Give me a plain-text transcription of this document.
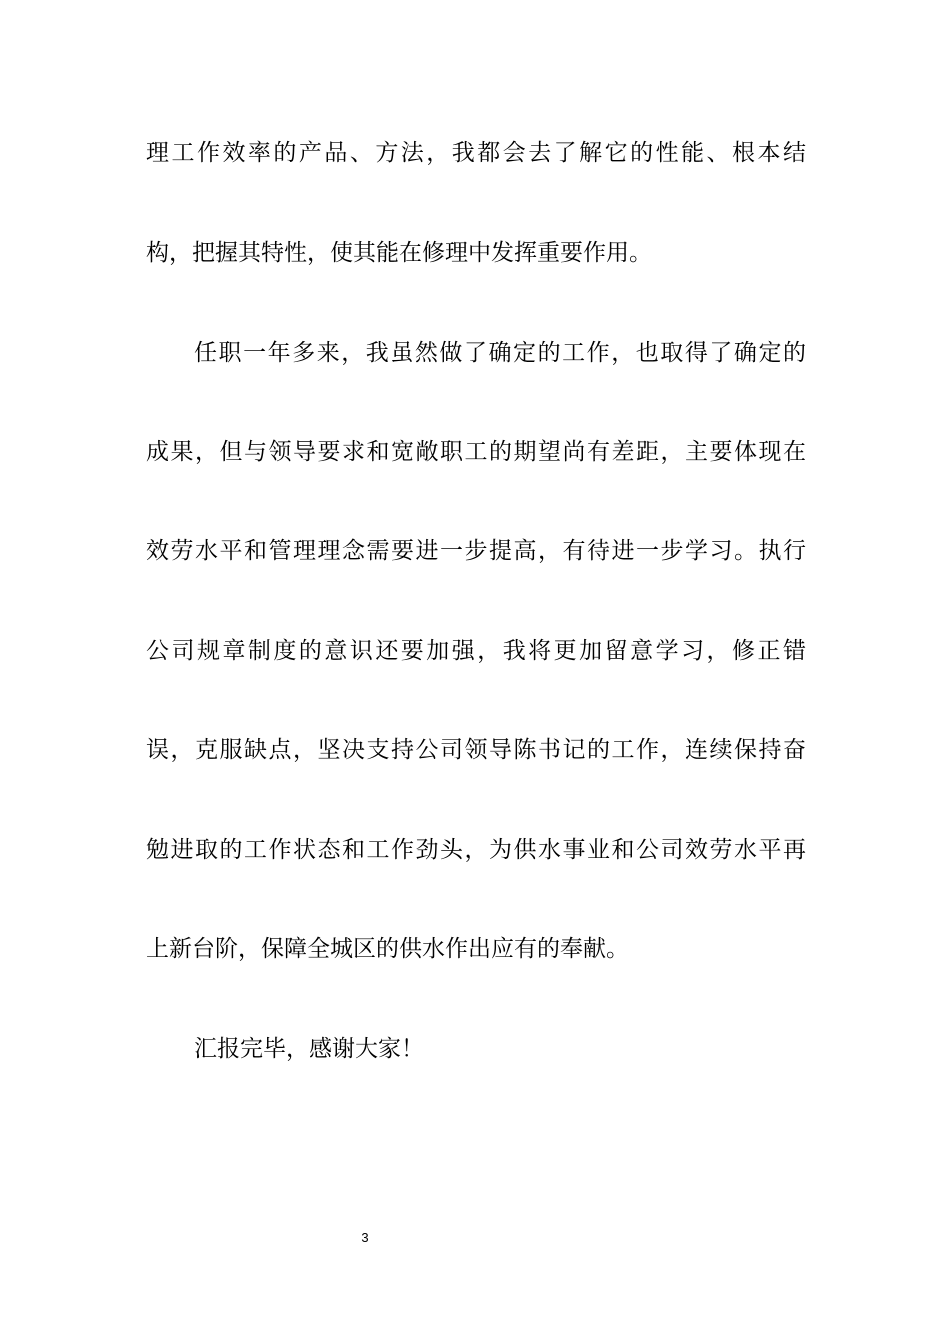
理工作效率的产品、方法，我都会去了解它的性能、根本结
构，把握其特性，使其能在修理中发挥重要作用。
任职一年多来，我虽然做了确定的工作，也取得了确定的
成果，但与领导要求和宽敞职工的期望尚有差距，主要体现在
效劳水平和管理理念需要进一步提高，有待进一步学习。执行
公司规章制度的意识还要加强，我将更加留意学习，修正错
误，克服缺点，坚决支持公司领导陈书记的工作，连续保持奋
勉进取的工作状态和工作劲头，为供水事业和公司效劳水平再
上新台阶，保障全城区的供水作出应有的奉献。
汇报完毕，感谢大家！
3
